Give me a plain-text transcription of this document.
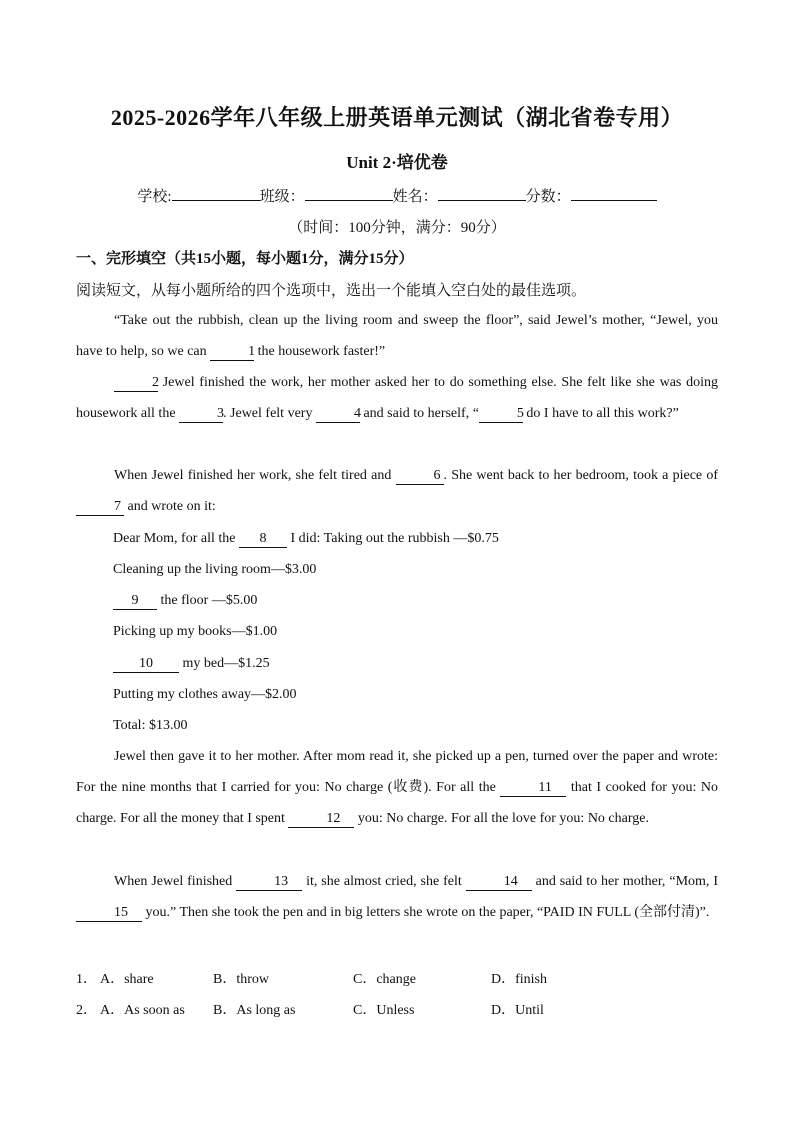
2025-2026学年八年级上册英语单元测试（湖北省卷专用）
Unit 2·培优卷
学校:	班级：	姓名：	分数：
（时间：100分钟，满分：90分）
一、完形填空（共15小题，每小题1分，满分15分）
阅读短文，从每小题所给的四个选项中，选出一个能填入空白处的最佳选项。
“Take out the rubbish, clean up the living room and sweep the floor”, said Jewel’s mother, “Jewel, you have to help, so we can	1 the housework faster!”
2 Jewel finished the work, her mother asked her to do something else. She felt like she was doing housework all the	3. Jewel felt very	4 and said to herself, “	5 do I have to all this work?”
When Jewel finished her work, she felt tired and	6 . She went back to her bedroom, took a piece of 7 and wrote on it:
Dear Mom, for all the 8 I did: Taking out the rubbish —$0.75
Cleaning up the living room—$3.00
9 the floor —$5.00
Picking up my books—$1.00
10 my bed—$1.25
Putting my clothes away—$2.00
Total: $13.00
Jewel then gave it to her mother. After mom read it, she picked up a pen, turned over the paper and wrote: For the nine months that I carried for you: No charge (收费). For all the	11 that I cooked for you: No charge. For all the money that I spent	12 you: No charge. For all the love for you: No charge.
When Jewel finished	13 it, she almost cried, she felt	14 and said to her mother, “Mom, I 15 you.” Then she took the pen and in big letters she wrote on the paper, “PAID IN FULL (全部付清)”.
1． A．share	B．throw	C．change	D．finish
2． A．As soon as B．As long as	C．Unless	D．Until
